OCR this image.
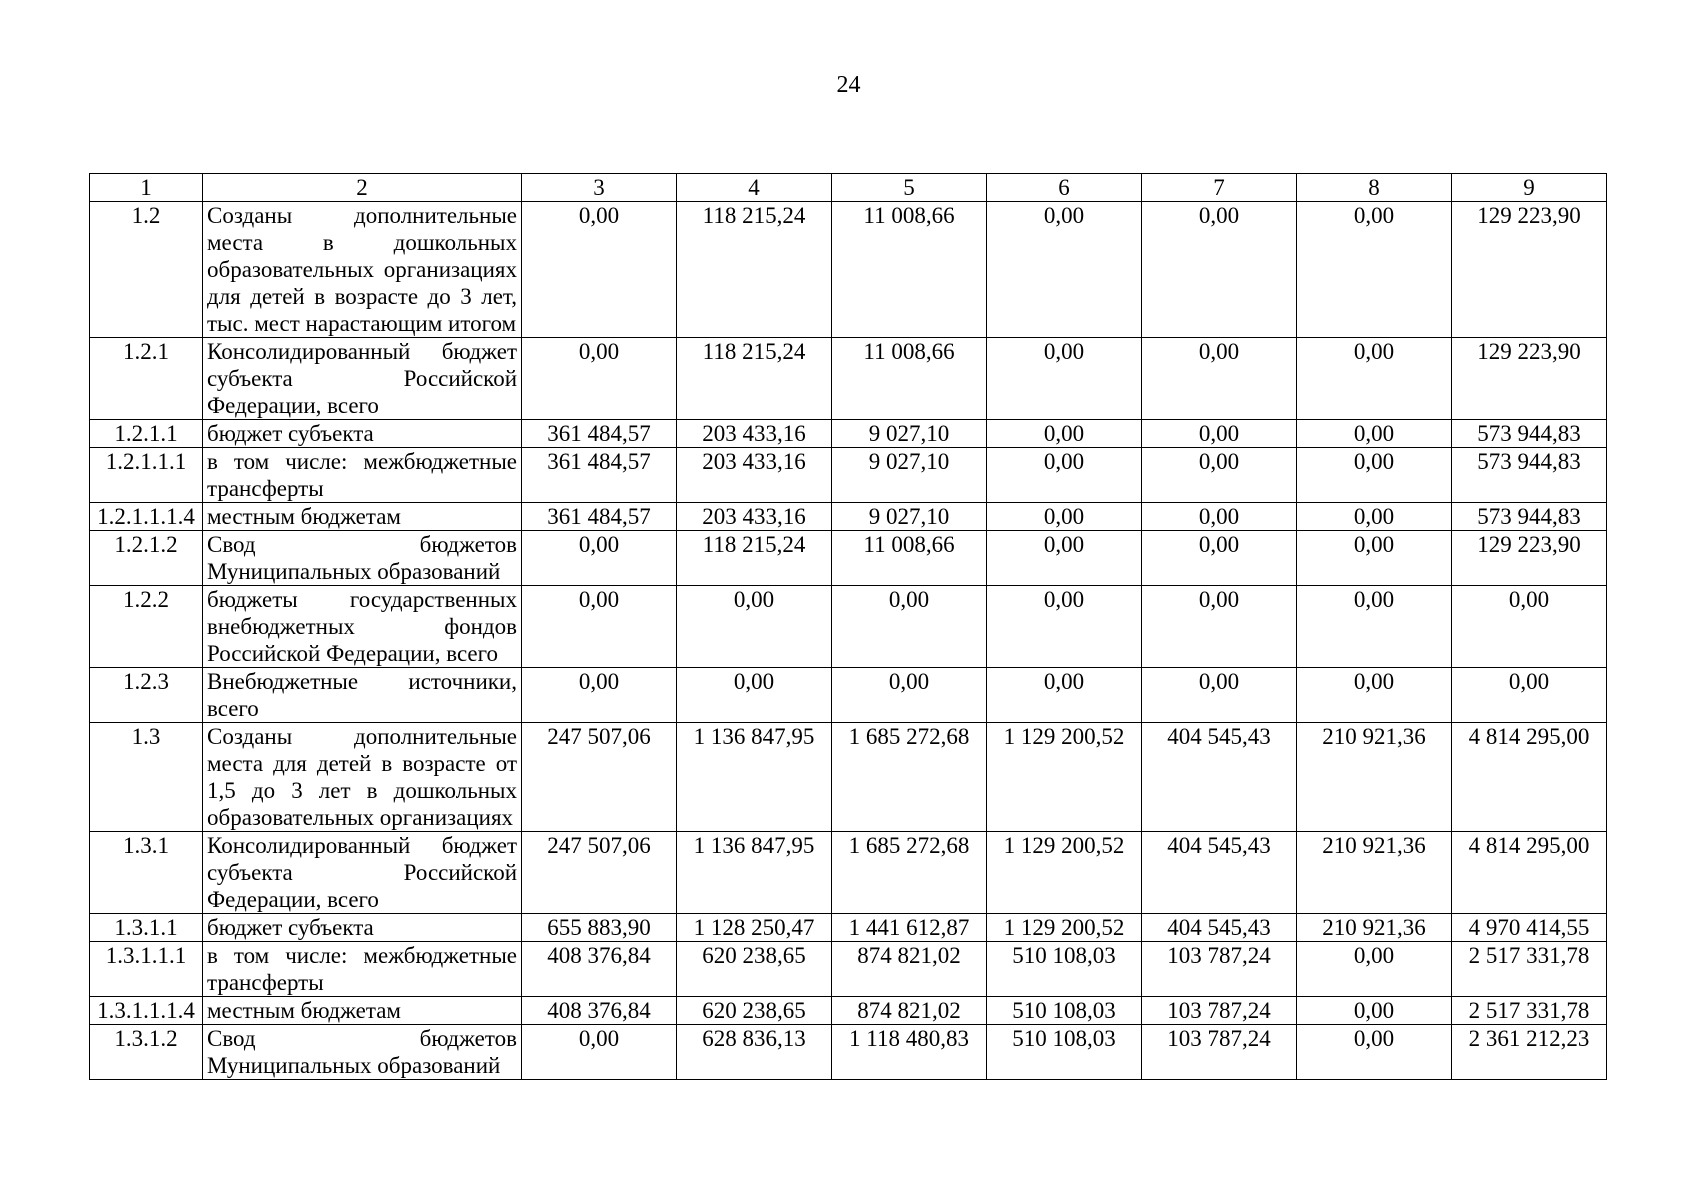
24
1	2	3	4	5	6	7	8	9
1.2	Созданы дополнительные места в дошкольных образовательных организациях для детей в возрасте до 3 лет, тыс. мест нарастающим итогом	0,00	118 215,24	11 008,66	0,00	0,00	0,00	129 223,90
1.2.1	Консолидированный бюджет субъекта Российской Федерации, всего	0,00	118 215,24	11 008,66	0,00	0,00	0,00	129 223,90
1.2.1.1	бюджет субъекта	361 484,57	203 433,16	9 027,10	0,00	0,00	0,00	573 944,83
1.2.1.1.1	в том числе: межбюджетные трансферты	361 484,57	203 433,16	9 027,10	0,00	0,00	0,00	573 944,83
1.2.1.1.1.4	местным бюджетам	361 484,57	203 433,16	9 027,10	0,00	0,00	0,00	573 944,83
1.2.1.2	Свод бюджетов Муниципальных образований	0,00	118 215,24	11 008,66	0,00	0,00	0,00	129 223,90
1.2.2	бюджеты государственных внебюджетных фондов Российской Федерации, всего	0,00	0,00	0,00	0,00	0,00	0,00	0,00
1.2.3	Внебюджетные источники, всего	0,00	0,00	0,00	0,00	0,00	0,00	0,00
1.3	Созданы дополнительные места для детей в возрасте от 1,5 до 3 лет в дошкольных образовательных организациях	247 507,06	1 136 847,95	1 685 272,68	1 129 200,52	404 545,43	210 921,36	4 814 295,00
1.3.1	Консолидированный бюджет субъекта Российской Федерации, всего	247 507,06	1 136 847,95	1 685 272,68	1 129 200,52	404 545,43	210 921,36	4 814 295,00
1.3.1.1	бюджет субъекта	655 883,90	1 128 250,47	1 441 612,87	1 129 200,52	404 545,43	210 921,36	4 970 414,55
1.3.1.1.1	в том числе: межбюджетные трансферты	408 376,84	620 238,65	874 821,02	510 108,03	103 787,24	0,00	2 517 331,78
1.3.1.1.1.4	местным бюджетам	408 376,84	620 238,65	874 821,02	510 108,03	103 787,24	0,00	2 517 331,78
1.3.1.2	Свод бюджетов Муниципальных образований	0,00	628 836,13	1 118 480,83	510 108,03	103 787,24	0,00	2 361 212,23
